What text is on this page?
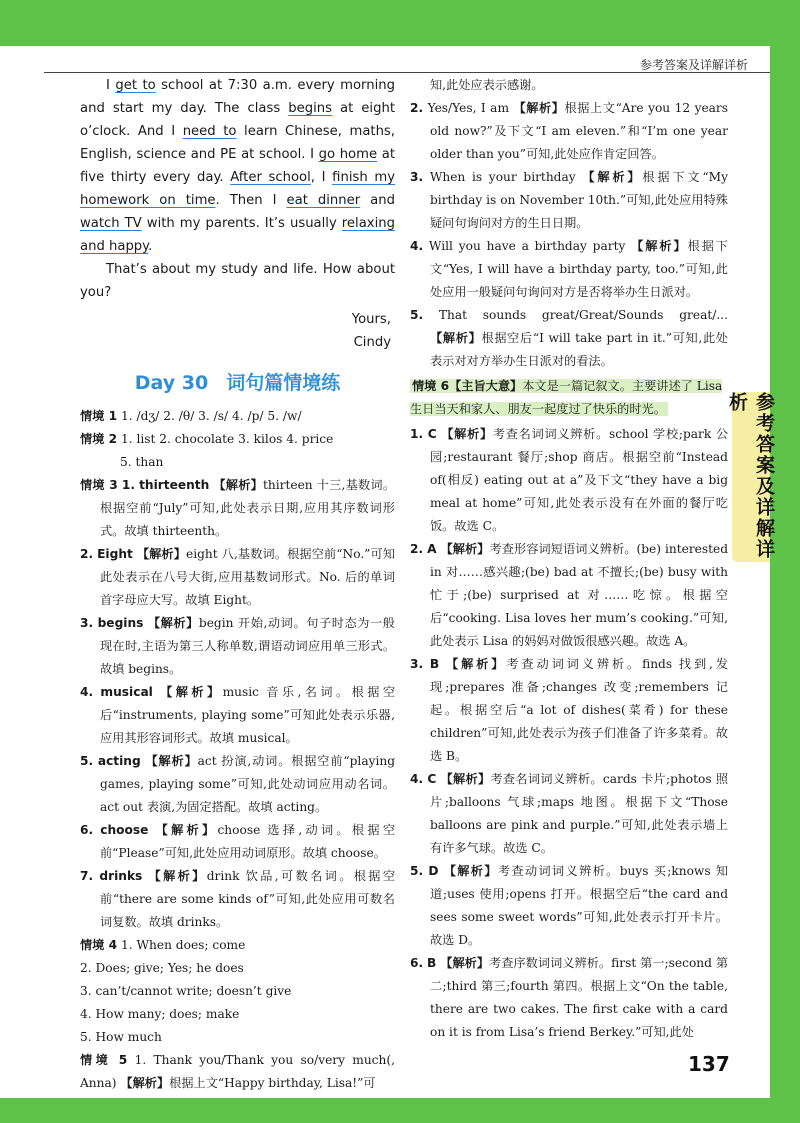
参考答案及详解详析
参考答案及详解详析
137

I get to school at 7:30 a.m. every morning and start my day. The class begins at eight o’clock. And I need to learn Chinese, maths, English, science and PE at school. I go home at five thirty every day. After school, I finish my homework on time. Then I eat dinner and watch TV with my parents. It’s usually relaxing and happy.

That’s about my study and life. How about you?

Yours,
Cindy
Day 30 词句篇情境练
情境 1 1. /dʒ/ 2. /θ/ 3. /s/ 4. /p/ 5. /w/
情境 2 1. list 2. chocolate 3. kilos 4. price
5. than
情境 3 1. thirteenth 【解析】thirteen 十三,基数词。根据空前“July”可知,此处表示日期,应用其序数词形式。故填 thirteenth。
2. Eight 【解析】eight 八,基数词。根据空前“No.”可知此处表示在八号大街,应用基数词形式。No. 后的单词首字母应大写。故填 Eight。
3. begins 【解析】begin 开始,动词。句子时态为一般现在时,主语为第三人称单数,谓语动词应用单三形式。故填 begins。
4. musical 【解析】music 音乐,名词。根据空后“instruments, playing some”可知此处表示乐器,应用其形容词形式。故填 musical。
5. acting 【解析】act 扮演,动词。根据空前“playing games, playing some”可知,此处动词应用动名词。act out 表演,为固定搭配。故填 acting。
6. choose 【解析】choose 选择,动词。根据空前“Please”可知,此处应用动词原形。故填 choose。
7. drinks 【解析】drink 饮品,可数名词。根据空前“there are some kinds of”可知,此处应用可数名词复数。故填 drinks。
情境 4 1. When does; come
2. Does; give; Yes; he does
3. can’t/cannot write; doesn’t give
4. How many; does; make
5. How much
情境 5 1. Thank you/Thank you so/very much(, Anna) 【解析】根据上文“Happy birthday, Lisa!”可
知,此处应表示感谢。
2. Yes/Yes, I am 【解析】根据上文“Are you 12 years old now?”及下文“I am eleven.”和“I’m one year older than you”可知,此处应作肯定回答。
3. When is your birthday 【解析】根据下文“My birthday is on November 10th.”可知,此处应用特殊疑问句询问对方的生日日期。
4. Will you have a birthday party 【解析】根据下文“Yes, I will have a birthday party, too.”可知,此处应用一般疑问句询问对方是否将举办生日派对。
5. That sounds great/Great/Sounds great/... 【解析】根据空后“I will take part in it.”可知,此处表示对对方举办生日派对的看法。
情境 6【主旨大意】本文是一篇记叙文。主要讲述了 Lisa 生日当天和家人、朋友一起度过了快乐的时光。
1. C 【解析】考查名词词义辨析。school 学校;park 公园;restaurant 餐厅;shop 商店。根据空前“Instead of(相反) eating out at a”及下文“they have a big meal at home”可知,此处表示没有在外面的餐厅吃饭。故选 C。
2. A 【解析】考查形容词短语词义辨析。(be) interested in 对……感兴趣;(be) bad at 不擅长;(be) busy with 忙于;(be) surprised at 对……吃惊。根据空后“cooking. Lisa loves her mum’s cooking.”可知,此处表示 Lisa 的妈妈对做饭很感兴趣。故选 A。
3. B 【解析】考查动词词义辨析。finds 找到,发现;prepares 准备;changes 改变;remembers 记起。根据空后“a lot of dishes(菜肴) for these children”可知,此处表示为孩子们准备了许多菜肴。故选 B。
4. C 【解析】考查名词词义辨析。cards 卡片;photos 照片;balloons 气球;maps 地图。根据下文“Those balloons are pink and purple.”可知,此处表示墙上有许多气球。故选 C。
5. D 【解析】考查动词词义辨析。buys 买;knows 知道;uses 使用;opens 打开。根据空后“the card and sees some sweet words”可知,此处表示打开卡片。故选 D。
6. B 【解析】考查序数词词义辨析。first 第一;second 第二;third 第三;fourth 第四。根据上文“On the table, there are two cakes. The first cake with a card on it is from Lisa’s friend Berkey.”可知,此处
